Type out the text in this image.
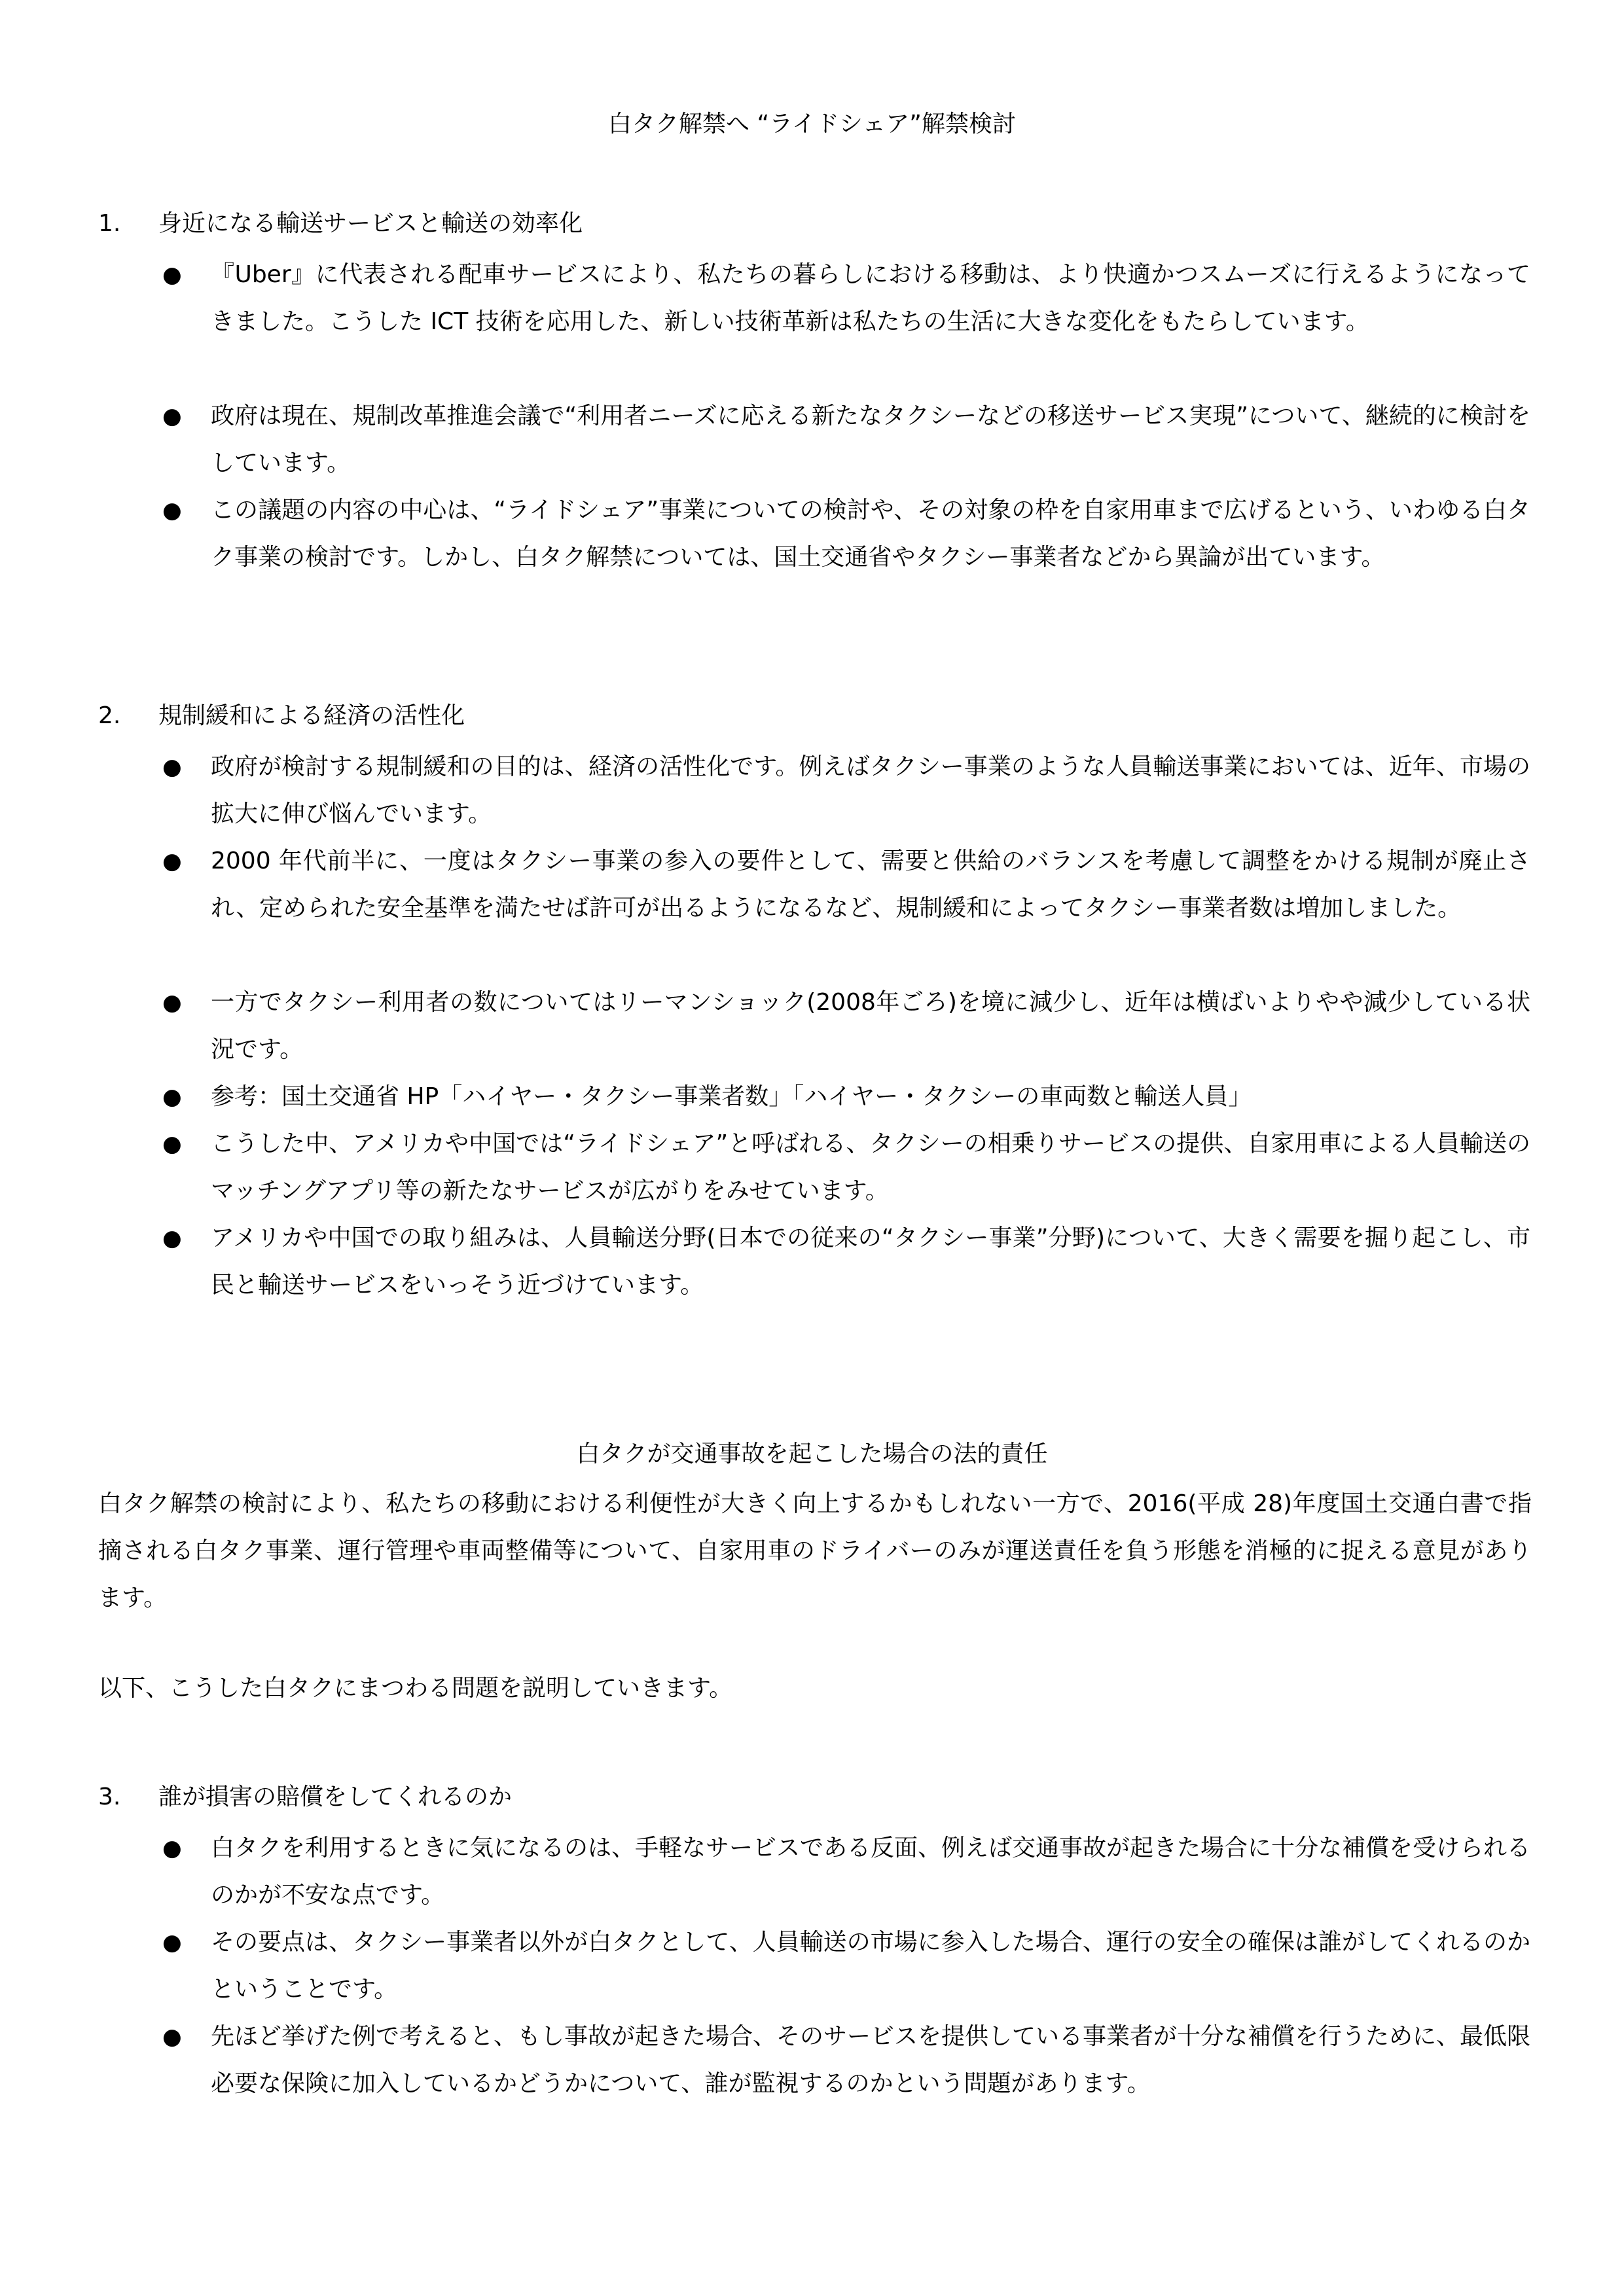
白タク解禁へ “ライドシェア”解禁検討
1. 身近になる輸送サービスと輸送の効率化
● 『Uber』に代表される配車サービスにより、私たちの暮らしにおける移動は、より快適かつスムーズに行えるようになってきました。こうした ICT 技術を応用した、新しい技術革新は私たちの生活に大きな変化をもたらしています。
● 政府は現在、規制改革推進会議で“利用者ニーズに応える新たなタクシーなどの移送サービス実現”について、継続的に検討をしています。
● この議題の内容の中心は、“ライドシェア”事業についての検討や、その対象の枠を自家用車まで広げるという、いわゆる白タク事業の検討です。しかし、白タク解禁については、国土交通省やタクシー事業者などから異論が出ています。
2. 規制緩和による経済の活性化
● 政府が検討する規制緩和の目的は、経済の活性化です。例えばタクシー事業のような人員輸送事業においては、近年、市場の拡大に伸び悩んでいます。
● 2000 年代前半に、一度はタクシー事業の参入の要件として、需要と供給のバランスを考慮して調整をかける規制が廃止され、定められた安全基準を満たせば許可が出るようになるなど、規制緩和によってタクシー事業者数は増加しました。
● 一方でタクシー利用者の数についてはリーマンショック(2008年ごろ)を境に減少し、近年は横ばいよりやや減少している状況です。
● 参考：国土交通省 HP「ハイヤー・タクシー事業者数」「ハイヤー・タクシーの車両数と輸送人員」
● こうした中、アメリカや中国では“ライドシェア”と呼ばれる、タクシーの相乗りサービスの提供、自家用車による人員輸送のマッチングアプリ等の新たなサービスが広がりをみせています。
● アメリカや中国での取り組みは、人員輸送分野(日本での従来の“タクシー事業”分野)について、大きく需要を掘り起こし、市民と輸送サービスをいっそう近づけています。
白タクが交通事故を起こした場合の法的責任
白タク解禁の検討により、私たちの移動における利便性が大きく向上するかもしれない一方で、2016(平成 28)年度国土交通白書で指摘される白タク事業、運行管理や車両整備等について、自家用車のドライバーのみが運送責任を負う形態を消極的に捉える意見があります。
以下、こうした白タクにまつわる問題を説明していきます。
3. 誰が損害の賠償をしてくれるのか
● 白タクを利用するときに気になるのは、手軽なサービスである反面、例えば交通事故が起きた場合に十分な補償を受けられるのかが不安な点です。
● その要点は、タクシー事業者以外が白タクとして、人員輸送の市場に参入した場合、運行の安全の確保は誰がしてくれるのかということです。
● 先ほど挙げた例で考えると、もし事故が起きた場合、そのサービスを提供している事業者が十分な補償を行うために、最低限必要な保険に加入しているかどうかについて、誰が監視するのかという問題があります。
